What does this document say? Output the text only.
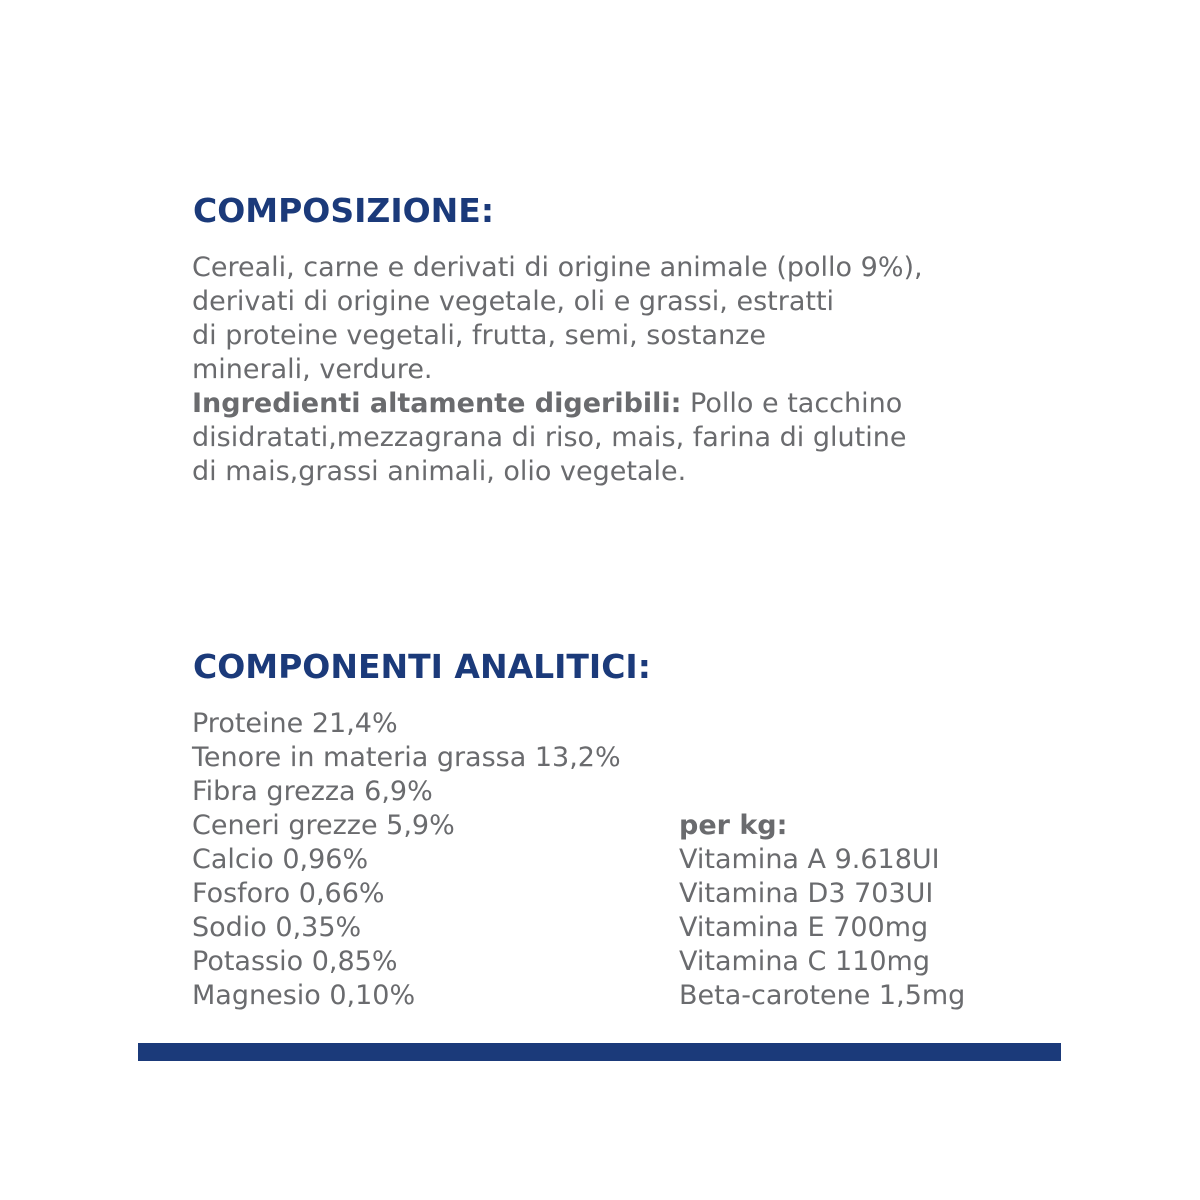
COMPOSIZIONE:
Cereali, carne e derivati di origine animale (pollo 9%),
derivati di origine vegetale, oli e grassi, estratti
di proteine vegetali, frutta, semi, sostanze
minerali, verdure.
Ingredienti altamente digeribili: Pollo e tacchino
disidratati,mezzagrana di riso, mais, farina di glutine
di mais,grassi animali, olio vegetale.
COMPONENTI ANALITICI:
Proteine 21,4%
Tenore in materia grassa 13,2%
Fibra grezza 6,9%
Ceneri grezze 5,9%
Calcio 0,96%
Fosforo 0,66%
Sodio 0,35%
Potassio 0,85%
Magnesio 0,10%
per kg:
Vitamina A 9.618UI
Vitamina D3 703UI
Vitamina E 700mg
Vitamina C 110mg
Beta-carotene 1,5mg
